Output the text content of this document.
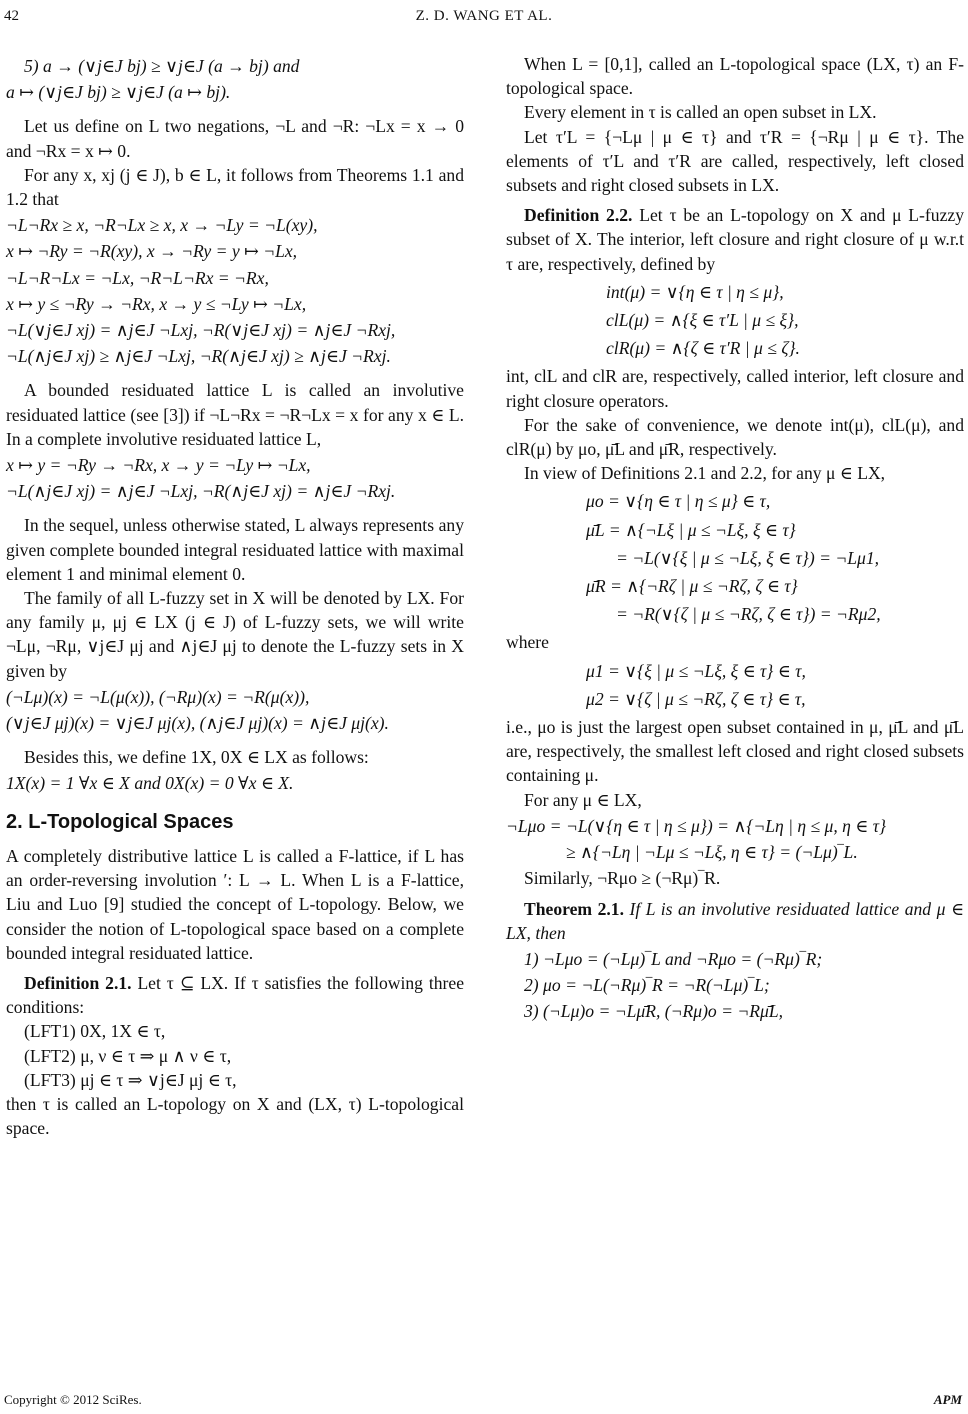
42	Z. D. WANG ET AL.
5) a → (∨j∈J bj) ≥ ∨j∈J (a → bj) and
a ↦ (∨j∈J bj) ≥ ∨j∈J (a ↦ bj).

Let us define on L two negations, ¬L and ¬R: ¬Lx = x → 0 and ¬Rx = x ↦ 0.

For any x, xj (j ∈ J), b ∈ L, it follows from Theorems 1.1 and 1.2 that

¬L¬Rx ≥ x, ¬R¬Lx ≥ x, x → ¬Ly = ¬L(xy),
x ↦ ¬Ry = ¬R(xy), x → ¬Ry = y ↦ ¬Lx,
¬L¬R¬Lx = ¬Lx, ¬R¬L¬Rx = ¬Rx,
x ↦ y ≤ ¬Ry → ¬Rx, x → y ≤ ¬Ly ↦ ¬Lx,
¬L(∨j∈J xj) = ∧j∈J ¬Lxj, ¬R(∨j∈J xj) = ∧j∈J ¬Rxj,
¬L(∧j∈J xj) ≥ ∧j∈J ¬Lxj, ¬R(∧j∈J xj) ≥ ∧j∈J ¬Rxj.

A bounded residuated lattice L is called an involutive residuated lattice (see [3]) if ¬L¬Rx = ¬R¬Lx = x for any x ∈ L. In a complete involutive residuated lattice L,

x ↦ y = ¬Ry → ¬Rx, x → y = ¬Ly ↦ ¬Lx,
¬L(∧j∈J xj) = ∧j∈J ¬Lxj, ¬R(∧j∈J xj) = ∧j∈J ¬Rxj.

In the sequel, unless otherwise stated, L always represents any given complete bounded integral residuated lattice with maximal element 1 and minimal element 0.

The family of all L-fuzzy set in X will be denoted by LX. For any family μ, μj ∈ LX (j ∈ J) of L-fuzzy sets, we will write ¬Lμ, ¬Rμ, ∨j∈J μj and ∧j∈J μj to denote the L-fuzzy sets in X given by

(¬Lμ)(x) = ¬L(μ(x)), (¬Rμ)(x) = ¬R(μ(x)),
(∨j∈J μj)(x) = ∨j∈J μj(x), (∧j∈J μj)(x) = ∧j∈J μj(x).

Besides this, we define 1X, 0X ∈ LX as follows:

1X(x) = 1 ∀x ∈ X and 0X(x) = 0 ∀x ∈ X.
2. L-Topological Spaces

A completely distributive lattice L is called a F-lattice, if L has an order-reversing involution ′: L → L. When L is a F-lattice, Liu and Luo [9] studied the concept of L-topology. Below, we consider the notion of L-topological space based on a complete bounded integral residuated lattice.

Definition 2.1. Let τ ⊆ LX. If τ satisfies the following three conditions:

(LFT1) 0X, 1X ∈ τ,
(LFT2) μ, ν ∈ τ ⇒ μ ∧ ν ∈ τ,
(LFT3) μj ∈ τ ⇒ ∨j∈J μj ∈ τ,

then τ is called an L-topology on X and (LX, τ) L-topological space.

When L = [0,1], called an L-topological space (LX, τ) an F-topological space.

Every element in τ is called an open subset in LX.

Let τ′L = {¬Lμ | μ ∈ τ} and τ′R = {¬Rμ | μ ∈ τ}. The elements of τ′L and τ′R are called, respectively, left closed subsets and right closed subsets in LX.

Definition 2.2. Let τ be an L-topology on X and μ L-fuzzy subset of X. The interior, left closure and right closure of μ w.r.t τ are, respectively, defined by

int(μ) = ∨{η ∈ τ | η ≤ μ},
clL(μ) = ∧{ξ ∈ τ′L | μ ≤ ξ},
clR(μ) = ∧{ζ ∈ τ′R | μ ≤ ζ}.

int, clL and clR are, respectively, called interior, left closure and right closure operators.

For the sake of convenience, we denote int(μ), clL(μ), and clR(μ) by μo, μ̄L and μ̄R, respectively.

In view of Definitions 2.1 and 2.2, for any μ ∈ LX,

μo = ∨{η ∈ τ | η ≤ μ} ∈ τ,
μ̄L = ∧{¬Lξ | μ ≤ ¬Lξ, ξ ∈ τ}
= ¬L(∨{ξ | μ ≤ ¬Lξ, ξ ∈ τ}) = ¬Lμ1,
μ̄R = ∧{¬Rζ | μ ≤ ¬Rζ, ζ ∈ τ}
= ¬R(∨{ζ | μ ≤ ¬Rζ, ζ ∈ τ}) = ¬Rμ2,

where

μ1 = ∨{ξ | μ ≤ ¬Lξ, ξ ∈ τ} ∈ τ,
μ2 = ∨{ζ | μ ≤ ¬Rζ, ζ ∈ τ} ∈ τ,

i.e., μo is just the largest open subset contained in μ, μ̄L and μ̄L are, respectively, the smallest left closed and right closed subsets containing μ.

For any μ ∈ LX,

¬Lμo = ¬L(∨{η ∈ τ | η ≤ μ}) = ∧{¬Lη | η ≤ μ, η ∈ τ}
≥ ∧{¬Lη | ¬Lμ ≤ ¬Lξ, η ∈ τ} = (¬Lμ)‾L.

Similarly, ¬Rμo ≥ (¬Rμ)‾R.

Theorem 2.1. If L is an involutive residuated lattice and μ ∈ LX, then

1) ¬Lμo = (¬Lμ)‾L and ¬Rμo = (¬Rμ)‾R;
2) μo = ¬L(¬Rμ)‾R = ¬R(¬Lμ)‾L;
3) (¬Lμ)o = ¬Lμ̄R, (¬Rμ)o = ¬Rμ̄L,
Copyright © 2012 SciRes.	APM
